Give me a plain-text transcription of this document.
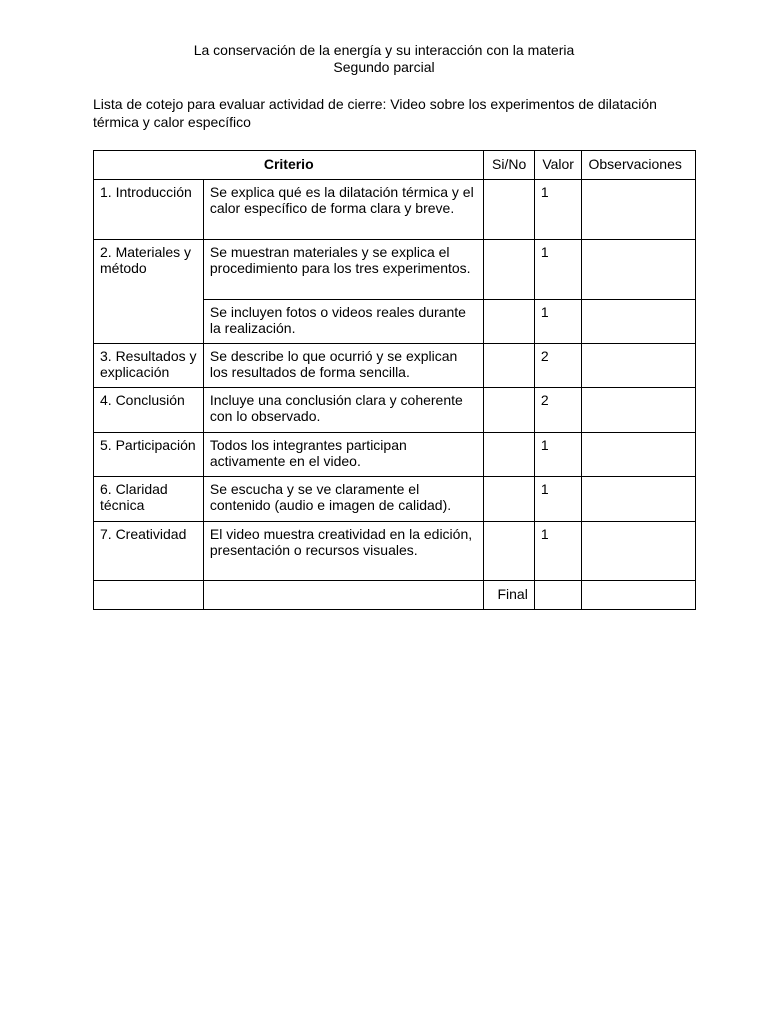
La conservación de la energía y su interacción con la materia
Segundo parcial
Lista de cotejo para evaluar actividad de cierre: Video sobre los experimentos de dilatación térmica y calor específico
Criterio		Si/No	Valor	Observaciones
1. Introducción	Se explica qué es la dilatación térmica y el calor específico de forma clara y breve.		1	
2. Materiales y método	Se muestran materiales y se explica el procedimiento para los tres experimentos.		1	
	Se incluyen fotos o videos reales durante la realización.		1	
3. Resultados y explicación	Se describe lo que ocurrió y se explican los resultados de forma sencilla.		2	
4. Conclusión	Incluye una conclusión clara y coherente con lo observado.		2	
5. Participación	Todos los integrantes participan activamente en el video.		1	
6. Claridad técnica	Se escucha y se ve claramente el contenido (audio e imagen de calidad).		1	
7. Creatividad	El video muestra creatividad en la edición, presentación o recursos visuales.		1	
		Final		
